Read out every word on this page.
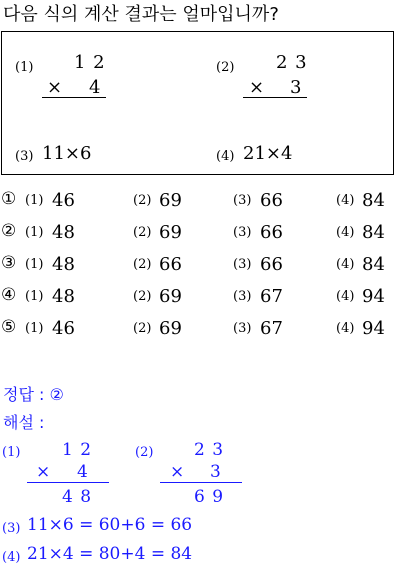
다음 식의 계산 결과는 얼마입니까?
(1) 1 2
× 4
(2) 2 3
× 3
(3) 11×6	(4) 21×4
① (1) 46	(2) 69	(3) 66	(4) 84
② (1) 48	(2) 69	(3) 66	(4) 84
③ (1) 48	(2) 66	(3) 66	(4) 84
④ (1) 48	(2) 69	(3) 67	(4) 94
⑤ (1) 46	(2) 69	(3) 67	(4) 94
정답 : ②
해설 :
(1) 1 2
× 4
4 8
(2) 2 3
× 3
6 9
(3) 11×6 = 60+6 = 66
(4) 21×4 = 80+4 = 84
